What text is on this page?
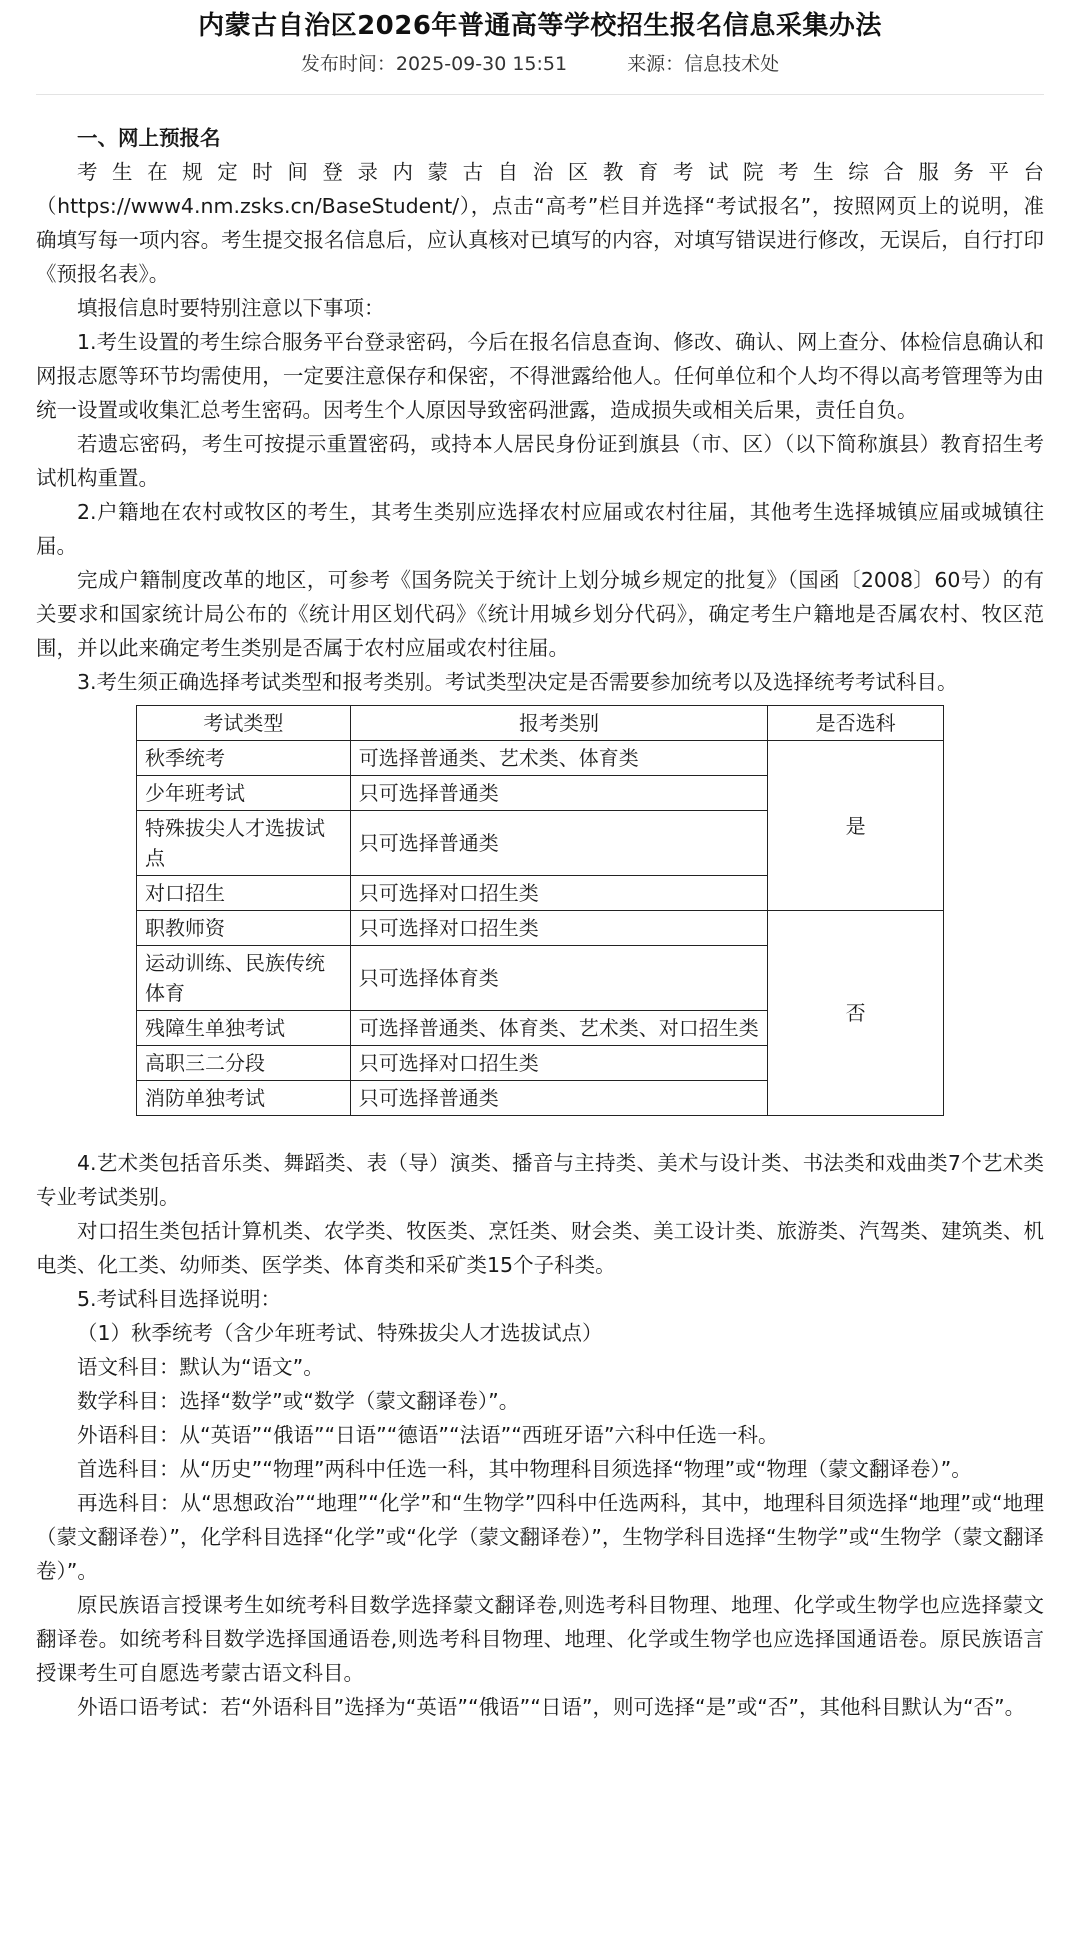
内蒙古自治区2026年普通高等学校招生报名信息采集办法
发布时间：2025-09-30 15:51	来源：信息技术处

一、网上预报名

考生在规定时间登录内蒙古自治区教育考试院考生综合服务平台（https://www4.nm.zsks.cn/BaseStudent/），点击“高考”栏目并选择“考试报名”，按照网页上的说明，准确填写每一项内容。考生提交报名信息后，应认真核对已填写的内容，对填写错误进行修改，无误后，自行打印《预报名表》。

填报信息时要特别注意以下事项：

1.考生设置的考生综合服务平台登录密码，今后在报名信息查询、修改、确认、网上查分、体检信息确认和网报志愿等环节均需使用，一定要注意保存和保密，不得泄露给他人。任何单位和个人均不得以高考管理等为由统一设置或收集汇总考生密码。因考生个人原因导致密码泄露，造成损失或相关后果，责任自负。

若遗忘密码，考生可按提示重置密码，或持本人居民身份证到旗县（市、区）（以下简称旗县）教育招生考试机构重置。

2.户籍地在农村或牧区的考生，其考生类别应选择农村应届或农村往届，其他考生选择城镇应届或城镇往届。

完成户籍制度改革的地区，可参考《国务院关于统计上划分城乡规定的批复》（国函〔2008〕60号）的有关要求和国家统计局公布的《统计用区划代码》《统计用城乡划分代码》，确定考生户籍地是否属农村、牧区范围，并以此来确定考生类别是否属于农村应届或农村往届。

3.考生须正确选择考试类型和报考类别。考试类型决定是否需要参加统考以及选择统考考试科目。

考试类型	报考类别	是否选科
秋季统考	可选择普通类、艺术类、体育类	是
少年班考试	只可选择普通类	
特殊拔尖人才选拔试点	只可选择普通类	
对口招生	只可选择对口招生类	
职教师资	只可选择对口招生类	否
运动训练、民族传统体育	只可选择体育类	
残障生单独考试	可选择普通类、体育类、艺术类、对口招生类	
高职三二分段	只可选择对口招生类	
消防单独考试	只可选择普通类	

4.艺术类包括音乐类、舞蹈类、表（导）演类、播音与主持类、美术与设计类、书法类和戏曲类7个艺术类专业考试类别。

对口招生类包括计算机类、农学类、牧医类、烹饪类、财会类、美工设计类、旅游类、汽驾类、建筑类、机电类、化工类、幼师类、医学类、体育类和采矿类15个子科类。

5.考试科目选择说明：

（1）秋季统考（含少年班考试、特殊拔尖人才选拔试点）

语文科目：默认为“语文”。

数学科目：选择“数学”或“数学（蒙文翻译卷）”。

外语科目：从“英语”“俄语”“日语”“德语”“法语”“西班牙语”六科中任选一科。

首选科目：从“历史”“物理”两科中任选一科，其中物理科目须选择“物理”或“物理（蒙文翻译卷）”。

再选科目：从“思想政治”“地理”“化学”和“生物学”四科中任选两科，其中，地理科目须选择“地理”或“地理（蒙文翻译卷）”，化学科目选择“化学”或“化学（蒙文翻译卷）”，生物学科目选择“生物学”或“生物学（蒙文翻译卷）”。

原民族语言授课考生如统考科目数学选择蒙文翻译卷,则选考科目物理、地理、化学或生物学也应选择蒙文翻译卷。如统考科目数学选择国通语卷,则选考科目物理、地理、化学或生物学也应选择国通语卷。原民族语言授课考生可自愿选考蒙古语文科目。

外语口语考试：若“外语科目”选择为“英语”“俄语”“日语”，则可选择“是”或“否”，其他科目默认为“否”。
